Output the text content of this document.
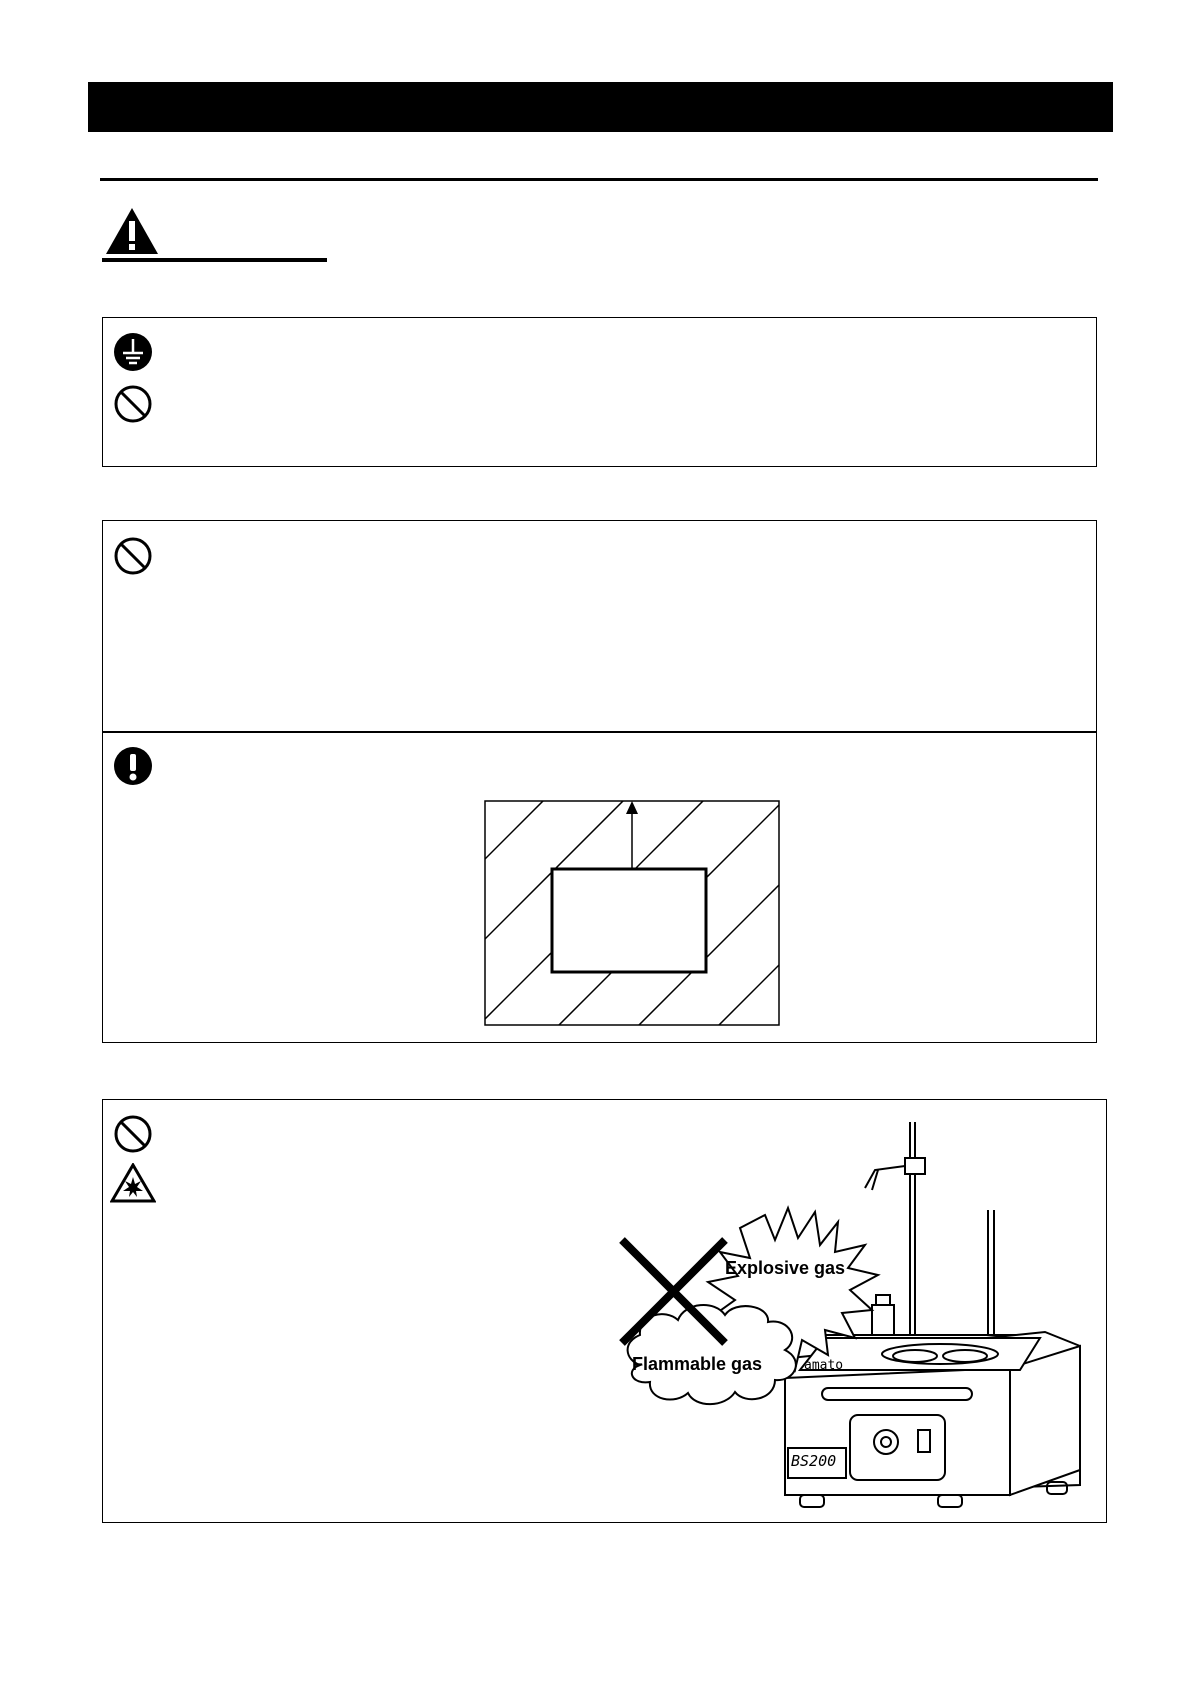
Explosive gas
Flammable gas	amato
BS200
